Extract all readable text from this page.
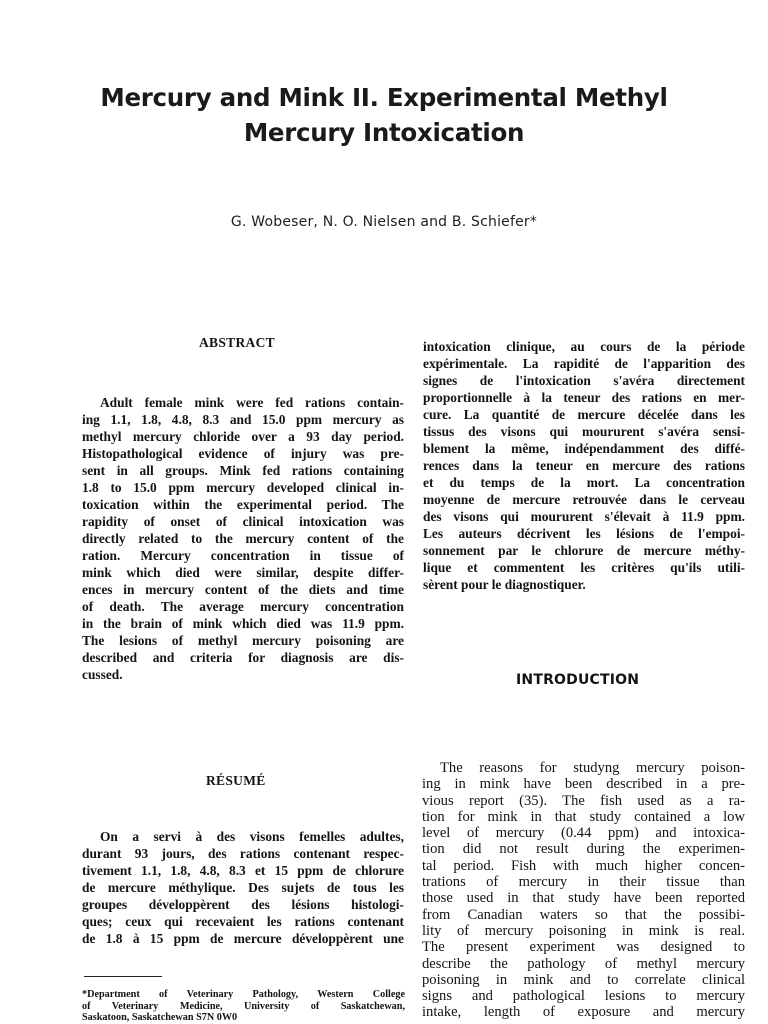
Mercury and Mink II. Experimental Methyl
Mercury Intoxication
G. Wobeser, N. O. Nielsen and B. Schiefer*
ABSTRACT
Adult female mink were fed rations contain-
ing 1.1, 1.8, 4.8, 8.3 and 15.0 ppm mercury as
methyl mercury chloride over a 93 day period.
Histopathological evidence of injury was pre-
sent in all groups. Mink fed rations containing
1.8 to 15.0 ppm mercury developed clinical in-
toxication within the experimental period. The
rapidity of onset of clinical intoxication was
directly related to the mercury content of the
ration. Mercury concentration in tissue of
mink which died were similar, despite differ-
ences in mercury content of the diets and time
of death. The average mercury concentration
in the brain of mink which died was 11.9 ppm.
The lesions of methyl mercury poisoning are
described and criteria for diagnosis are dis-
cussed.
RÉSUMÉ
On a servi à des visons femelles adultes,
durant 93 jours, des rations contenant respec-
tivement 1.1, 1.8, 4.8, 8.3 et 15 ppm de chlorure
de mercure méthylique. Des sujets de tous les
groupes développèrent des lésions histologi-
ques; ceux qui recevaient les rations contenant
de 1.8 à 15 ppm de mercure développèrent une
intoxication clinique, au cours de la période
expérimentale. La rapidité de l'apparition des
signes de l'intoxication s'avéra directement
proportionnelle à la teneur des rations en mer-
cure. La quantité de mercure décelée dans les
tissus des visons qui moururent s'avéra sensi-
blement la même, indépendamment des diffé-
rences dans la teneur en mercure des rations
et du temps de la mort. La concentration
moyenne de mercure retrouvée dans le cerveau
des visons qui moururent s'élevait à 11.9 ppm.
Les auteurs décrivent les lésions de l'empoi-
sonnement par le chlorure de mercure méthy-
lique et commentent les critères qu'ils utili-
sèrent pour le diagnostiquer.
INTRODUCTION
The reasons for studyng mercury poison-
ing in mink have been described in a pre-
vious report (35). The fish used as a ra-
tion for mink in that study contained a low
level of mercury (0.44 ppm) and intoxica-
tion did not result during the experimen-
tal period. Fish with much higher concen-
trations of mercury in their tissue than
those used in that study have been reported
from Canadian waters so that the possibi-
lity of mercury poisoning in mink is real.
The present experiment was designed to
describe the pathology of methyl mercury
poisoning in mink and to correlate clinical
signs and pathological lesions to mercury
intake, length of exposure and mercury
*Department of Veterinary Pathology, Western College
of Veterinary Medicine, University of Saskatchewan,
Saskatoon, Saskatchewan S7N 0W0
